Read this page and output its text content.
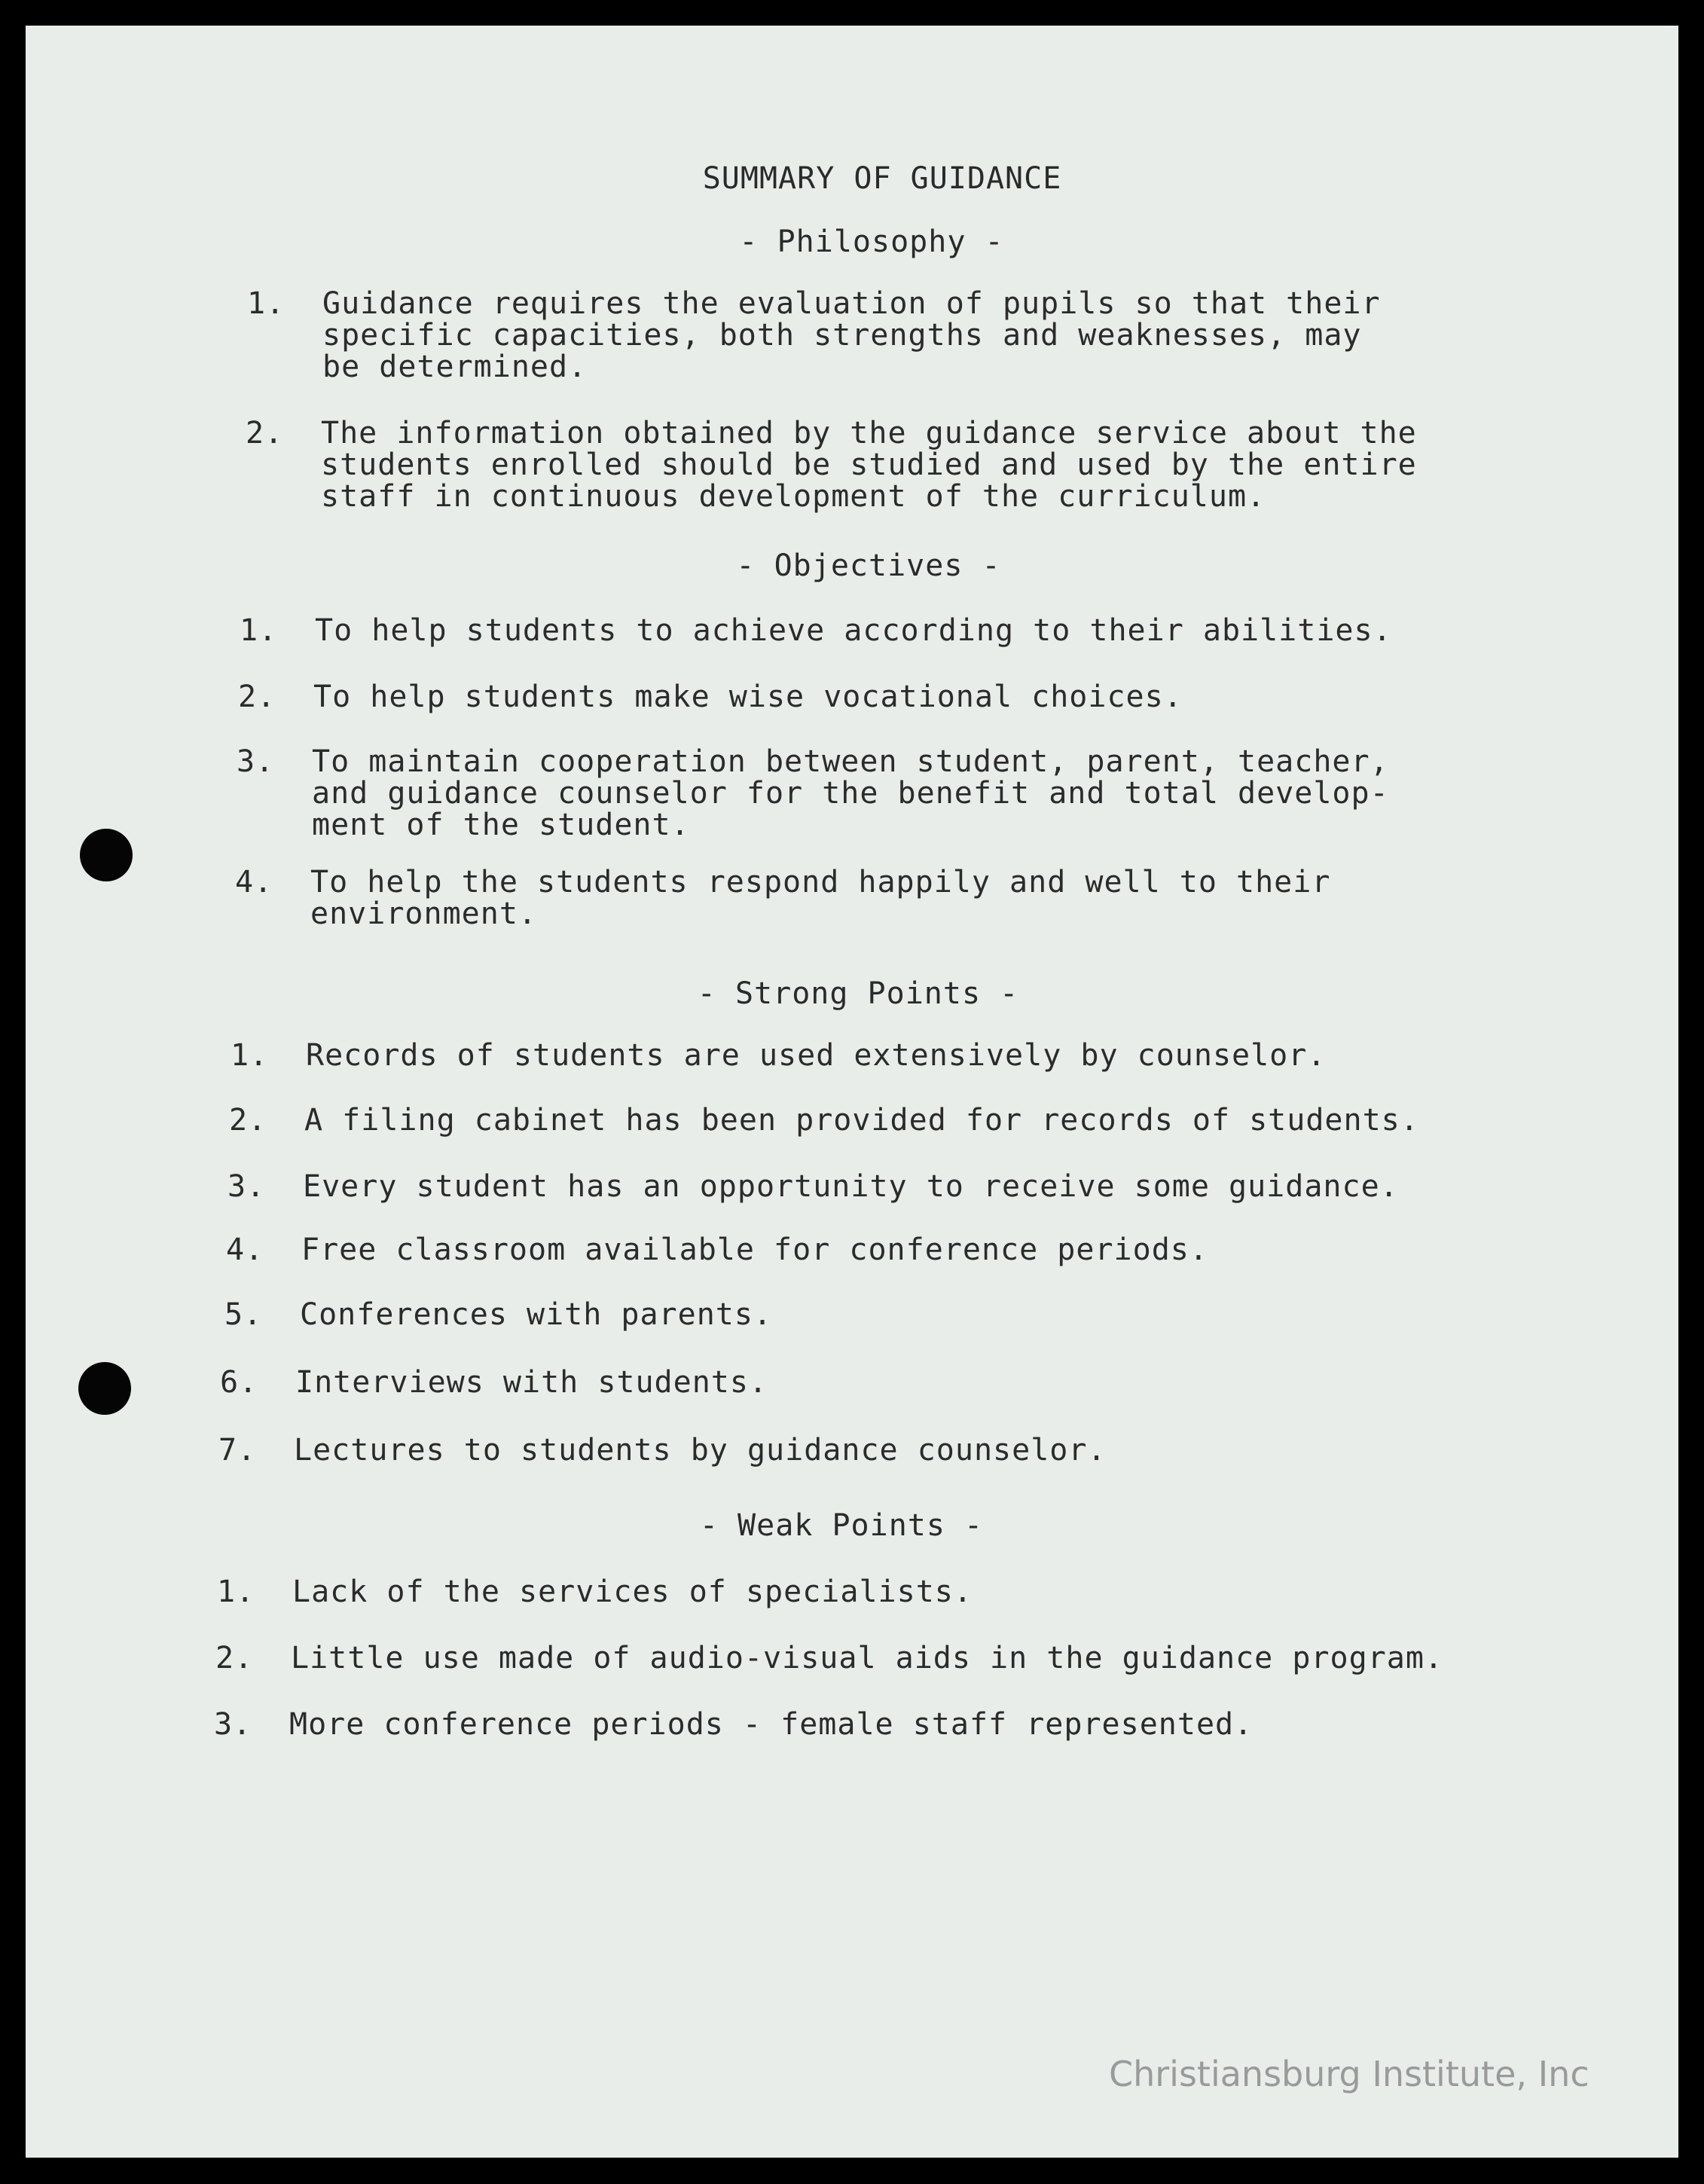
SUMMARY OF GUIDANCE
- Philosophy -
1.	Guidance requires the evaluation of pupils so that their
specific capacities, both strengths and weaknesses, may
be determined.
2.	The information obtained by the guidance service about the
students enrolled should be studied and used by the entire
staff in continuous development of the curriculum.
- Objectives -
1.	To help students to achieve according to their abilities.
2.	To help students make wise vocational choices.
3.	To maintain cooperation between student, parent, teacher,
and guidance counselor for the benefit and total develop-
ment of the student.
4.	To help the students respond happily and well to their
environment.
- Strong Points -
1.	Records of students are used extensively by counselor.
2.	A filing cabinet has been provided for records of students.
3.	Every student has an opportunity to receive some guidance.
4.	Free classroom available for conference periods.
5.	Conferences with parents.
6.	Interviews with students.
7.	Lectures to students by guidance counselor.
- Weak Points -
1.	Lack of the services of specialists.
2.	Little use made of audio-visual aids in the guidance program.
3.	More conference periods - female staff represented.
Christiansburg Institute, Inc
